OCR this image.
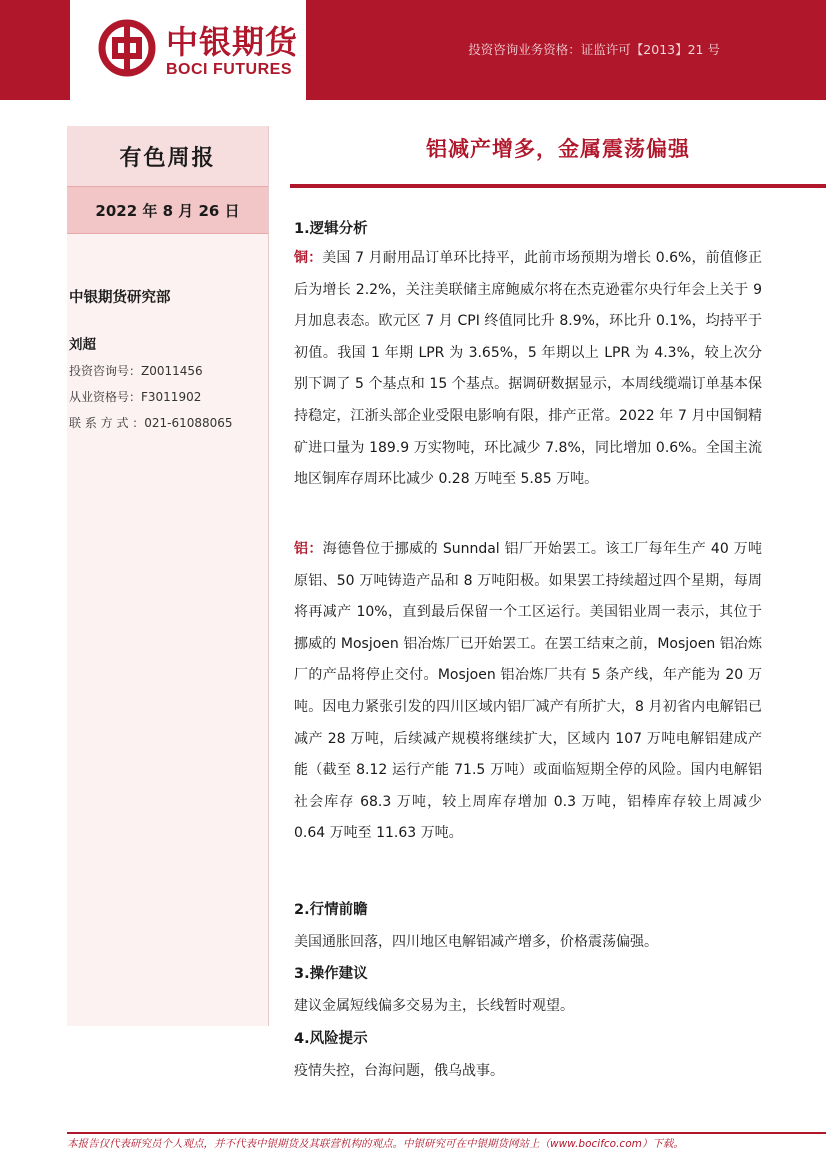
中银期货
BOCI FUTURES
投资咨询业务资格：证监许可【2013】21 号
有色周报
2022 年 8 月 26 日
中银期货研究部
刘超
投资咨询号：Z0011456
从业资格号：F3011902
联 系 方 式 ：021-61088065
铝减产增多，金属震荡偏强
1.逻辑分析
铜：美国 7 月耐用品订单环比持平，此前市场预期为增长 0.6%，前值修正后为增长 2.2%，关注美联储主席鲍威尔将在杰克逊霍尔央行年会上关于 9 月加息表态。欧元区 7 月 CPI 终值同比升 8.9%，环比升 0.1%，均持平于初值。我国 1 年期 LPR 为 3.65%，5 年期以上 LPR 为 4.3%，较上次分别下调了 5 个基点和 15 个基点。据调研数据显示，本周线缆端订单基本保持稳定，江浙头部企业受限电影响有限，排产正常。2022 年 7 月中国铜精矿进口量为 189.9 万实物吨，环比减少 7.8%，同比增加 0.6%。全国主流地区铜库存周环比减少 0.28 万吨至 5.85 万吨。
铝：海德鲁位于挪威的 Sunndal 铝厂开始罢工。该工厂每年生产 40 万吨原铝、50 万吨铸造产品和 8 万吨阳极。如果罢工持续超过四个星期，每周将再减产 10%，直到最后保留一个工区运行。美国铝业周一表示，其位于挪威的 Mosjoen 铝冶炼厂已开始罢工。在罢工结束之前，Mosjoen 铝冶炼厂的产品将停止交付。Mosjoen 铝冶炼厂共有 5 条产线，年产能为 20 万吨。因电力紧张引发的四川区域内铝厂减产有所扩大，8 月初省内电解铝已减产 28 万吨，后续减产规模将继续扩大，区域内 107 万吨电解铝建成产能（截至 8.12 运行产能 71.5 万吨）或面临短期全停的风险。国内电解铝社会库存 68.3 万吨，较上周库存增加 0.3 万吨，铝棒库存较上周减少 0.64 万吨至 11.63 万吨。
2.行情前瞻
美国通胀回落，四川地区电解铝减产增多，价格震荡偏强。
3.操作建议
建议金属短线偏多交易为主，长线暂时观望。
4.风险提示
疫情失控，台海问题，俄乌战事。
本报告仅代表研究员个人观点，并不代表中银期货及其联营机构的观点。中银研究可在中银期货网站上（www.bocifco.com）下载。
